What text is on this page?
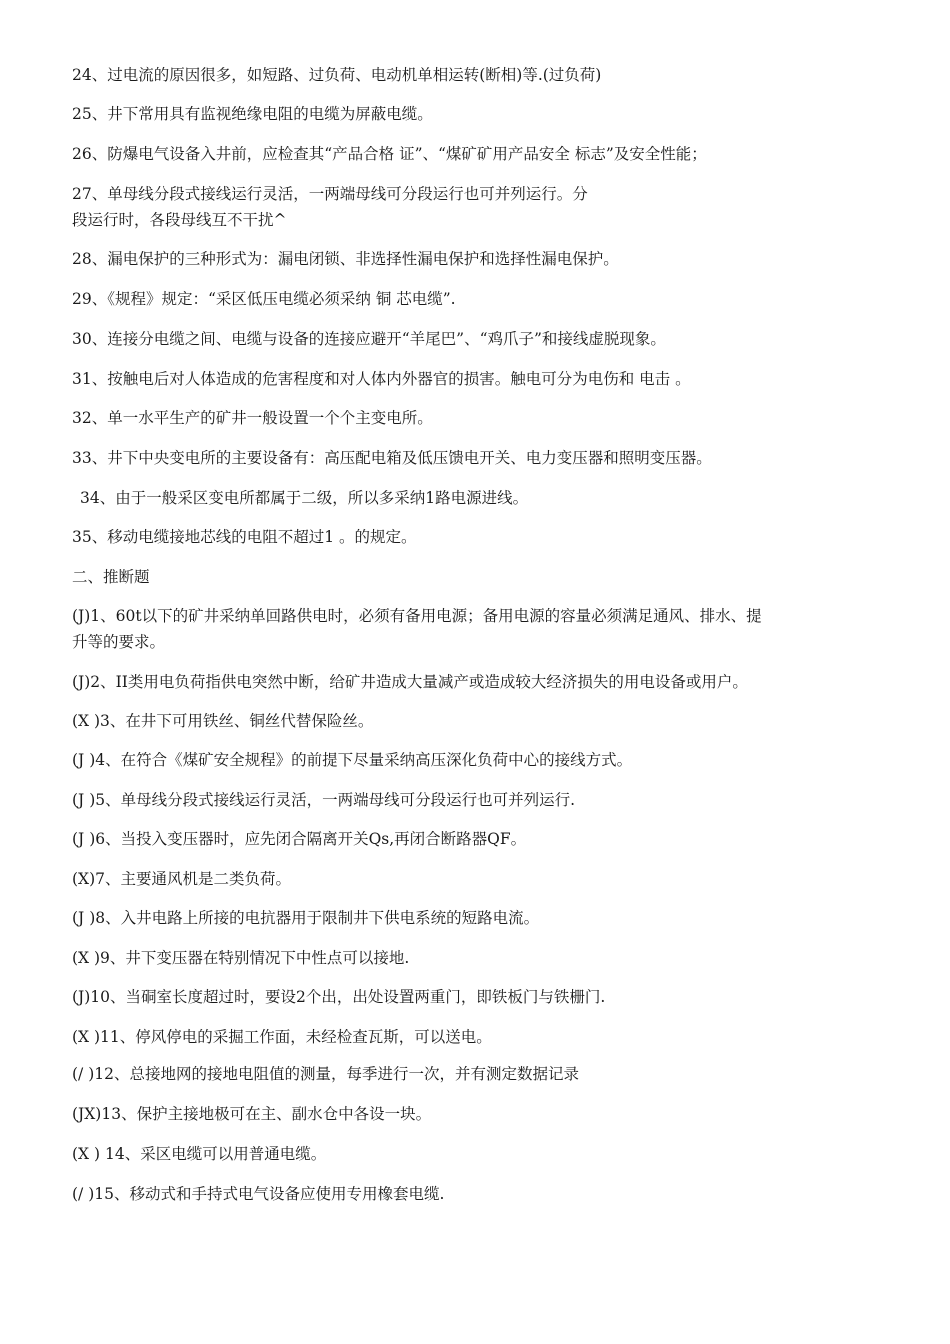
24、过电流的原因很多，如短路、过负荷、电动机单相运转(断相)等.(过负荷)
25、井下常用具有监视绝缘电阻的电缆为屏蔽电缆。
26、防爆电气设备入井前，应检查其“产品合格 证”、“煤矿矿用产品安全 标志”及安全性能；
27、单母线分段式接线运行灵活，一两端母线可分段运行也可并列运行。分
段运行时，各段母线互不干扰^
28、漏电保护的三种形式为：漏电闭锁、非选择性漏电保护和选择性漏电保护。
29、《规程》规定：“采区低压电缆必须采纳 铜 芯电缆”.
30、连接分电缆之间、电缆与设备的连接应避开“羊尾巴”、“鸡爪子”和接线虚脱现象。
31、按触电后对人体造成的危害程度和对人体内外器官的损害。触电可分为电伤和 电击 。
32、单一水平生产的矿井一般设置一个个主变电所。
33、井下中央变电所的主要设备有：高压配电箱及低压馈电开关、电力变压器和照明变压器。
34、由于一般采区变电所都属于二级，所以多采纳1路电源进线。
35、移动电缆接地芯线的电阻不超过1 。的规定。
二、推断题
(J)1、60t以下的矿井采纳单回路供电时，必须有备用电源；备用电源的容量必须满足通风、排水、提
升等的要求。
(J)2、II类用电负荷指供电突然中断，给矿井造成大量减产或造成较大经济损失的用电设备或用户。
(X )3、在井下可用铁丝、铜丝代替保险丝。
(J )4、在符合《煤矿安全规程》的前提下尽量采纳高压深化负荷中心的接线方式。
(J )5、单母线分段式接线运行灵活，一两端母线可分段运行也可并列运行.
(J )6、当投入变压器时，应先闭合隔离开关Qs,再闭合断路器QF。
(X)7、主要通风机是二类负荷。
(J )8、入井电路上所接的电抗器用于限制井下供电系统的短路电流。
(X )9、井下变压器在特别情况下中性点可以接地.
(J)10、当硐室长度超过时，要设2个出，出处设置两重门，即铁板门与铁栅门.
(X )11、停风停电的采掘工作面，未经检查瓦斯，可以送电。
(/ )12、总接地网的接地电阻值的测量，每季进行一次，并有测定数据记录
(JX)13、保护主接地极可在主、副水仓中各设一块。
(X ) 14、采区电缆可以用普通电缆。
(/ )15、移动式和手持式电气设备应使用专用橡套电缆.
